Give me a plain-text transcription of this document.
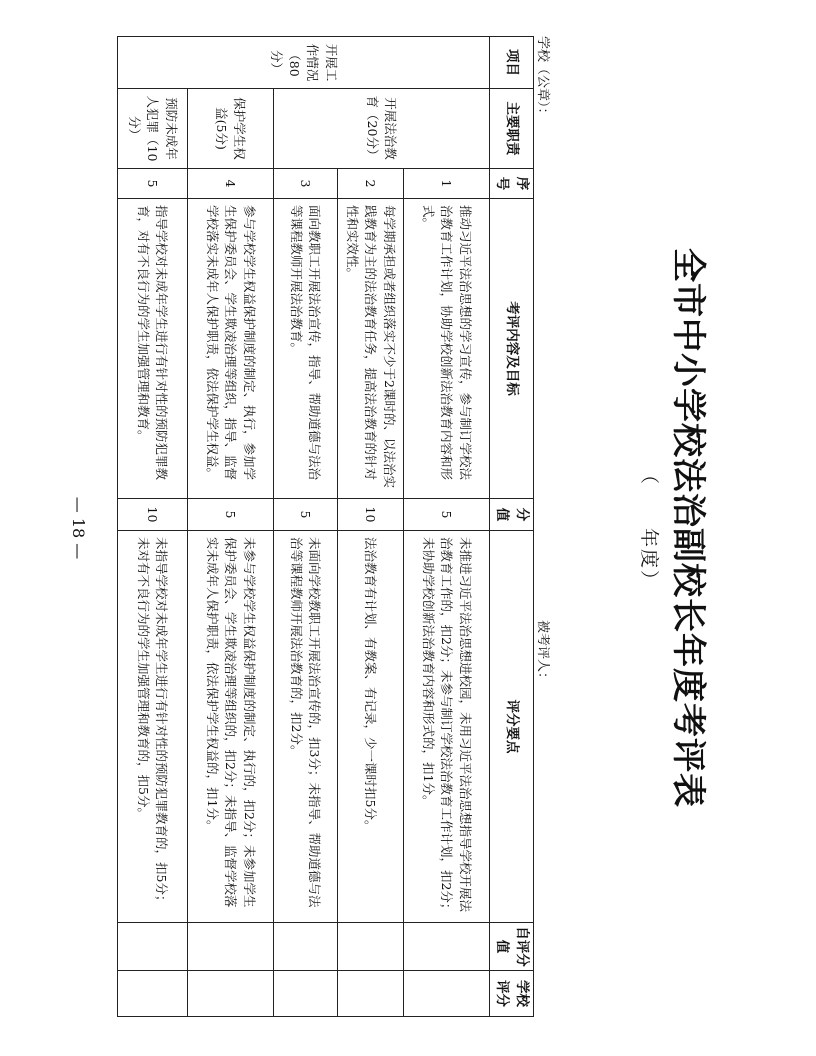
全市中小学校法治副校长年度考评表
（　　年度）
学校（公章）：
被考评人：
项目	主要职责	序号	考评内容及目标	分值	评分要点	自评分值	学校评分
开展工作情况（80分）	开展法治教育（20分）	1	推动习近平法治思想的学习宣传，参与制订学校法治教育工作计划，协助学校创新法治教育内容和形式。	5	未推进习近平法治思想进校园，未用习近平法治思想指导学校开展法治教育工作的，扣2分；未参与制订学校法治教育工作计划，扣2分；未协助学校创新法治教育内容和形式的，扣1分。		
		2	每学期承担或者组织落实不少于2课时的、以法治实践教育为主的法治教育任务，提高法治教育的针对性和实效性。	10	法治教育有计划、有教案、有记录，少一课时扣5分。		
		3	面向教职工开展法治宣传，指导、帮助道德与法治等课程教师开展法治教育。	5	未面向学校教职工开展法治宣传的，扣3分；未指导、帮助道德与法治等课程教师开展法治教育的，扣2分。		
	保护学生权益(5分)	4	参与学校学生权益保护制度的制定、执行，参加学生保护委员会、学生欺凌治理等组织，指导、监督学校落实未成年人保护职责，依法保护学生权益。	5	未参与学校学生权益保护制度的制定、执行的，扣2分；未参加学生保护委员会、学生欺凌治理等组织的，扣2分；未指导、监督学校落实未成年人保护职责，依法保护学生权益的，扣1分。		
	预防未成年人犯罪（10分）	5	指导学校对未成年学生进行有针对性的预防犯罪教育，对有不良行为的学生加强管理和教育。	10	未指导学校对未成年学生进行有针对性的预防犯罪教育的，扣5分；未对有不良行为的学生加强管理和教育的，扣5分。		
— 18 —
